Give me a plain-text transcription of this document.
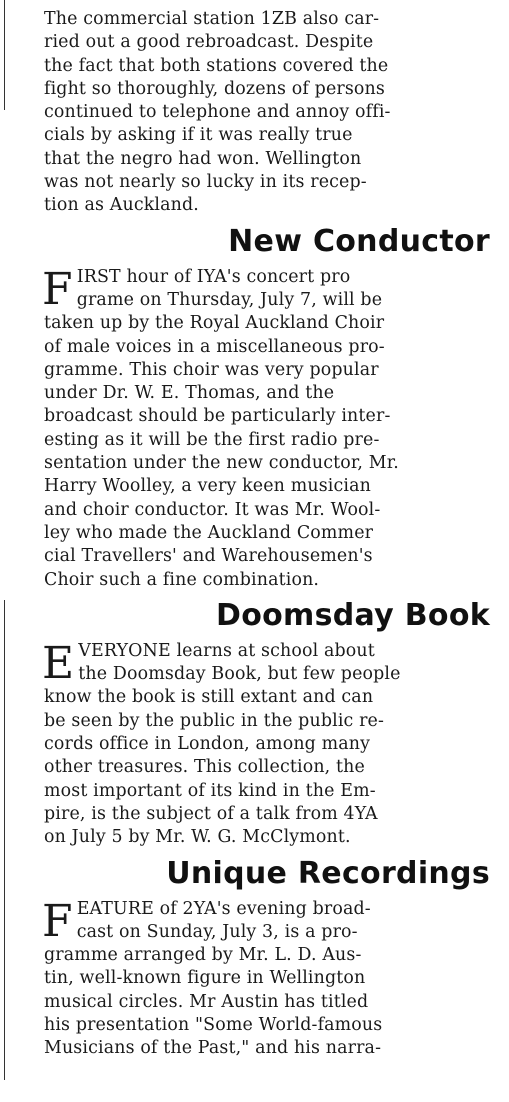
The commercial station 1ZB also car-
ried out a good rebroadcast. Despite
the fact that both stations covered the
fight so thoroughly, dozens of persons
continued to telephone and annoy offi-
cials by asking if it was really true
that the negro had won. Wellington
was not nearly so lucky in its recep-
tion as Auckland.

New Conductor

F IRST hour of IYA's concert pro
grame on Thursday, July 7, will be
taken up by the Royal Auckland Choir
of male voices in a miscellaneous pro-
gramme. This choir was very popular
under Dr. W. E. Thomas, and the
broadcast should be particularly inter-
esting as it will be the first radio pre-
sentation under the new conductor, Mr.
Harry Woolley, a very keen musician
and choir conductor. It was Mr. Wool-
ley who made the Auckland Commer
cial Travellers' and Warehousemen's
Choir such a fine combination.

Doomsday Book

E VERYONE learns at school about
the Doomsday Book, but few people
know the book is still extant and can
be seen by the public in the public re-
cords office in London, among many
other treasures. This collection, the
most important of its kind in the Em-
pire, is the subject of a talk from 4YA
on July 5 by Mr. W. G. McClymont.

Unique Recordings

F EATURE of 2YA's evening broad-
cast on Sunday, July 3, is a pro-
gramme arranged by Mr. L. D. Aus-
tin, well-known figure in Wellington
musical circles. Mr Austin has titled
his presentation "Some World-famous
Musicians of the Past," and his narra-
